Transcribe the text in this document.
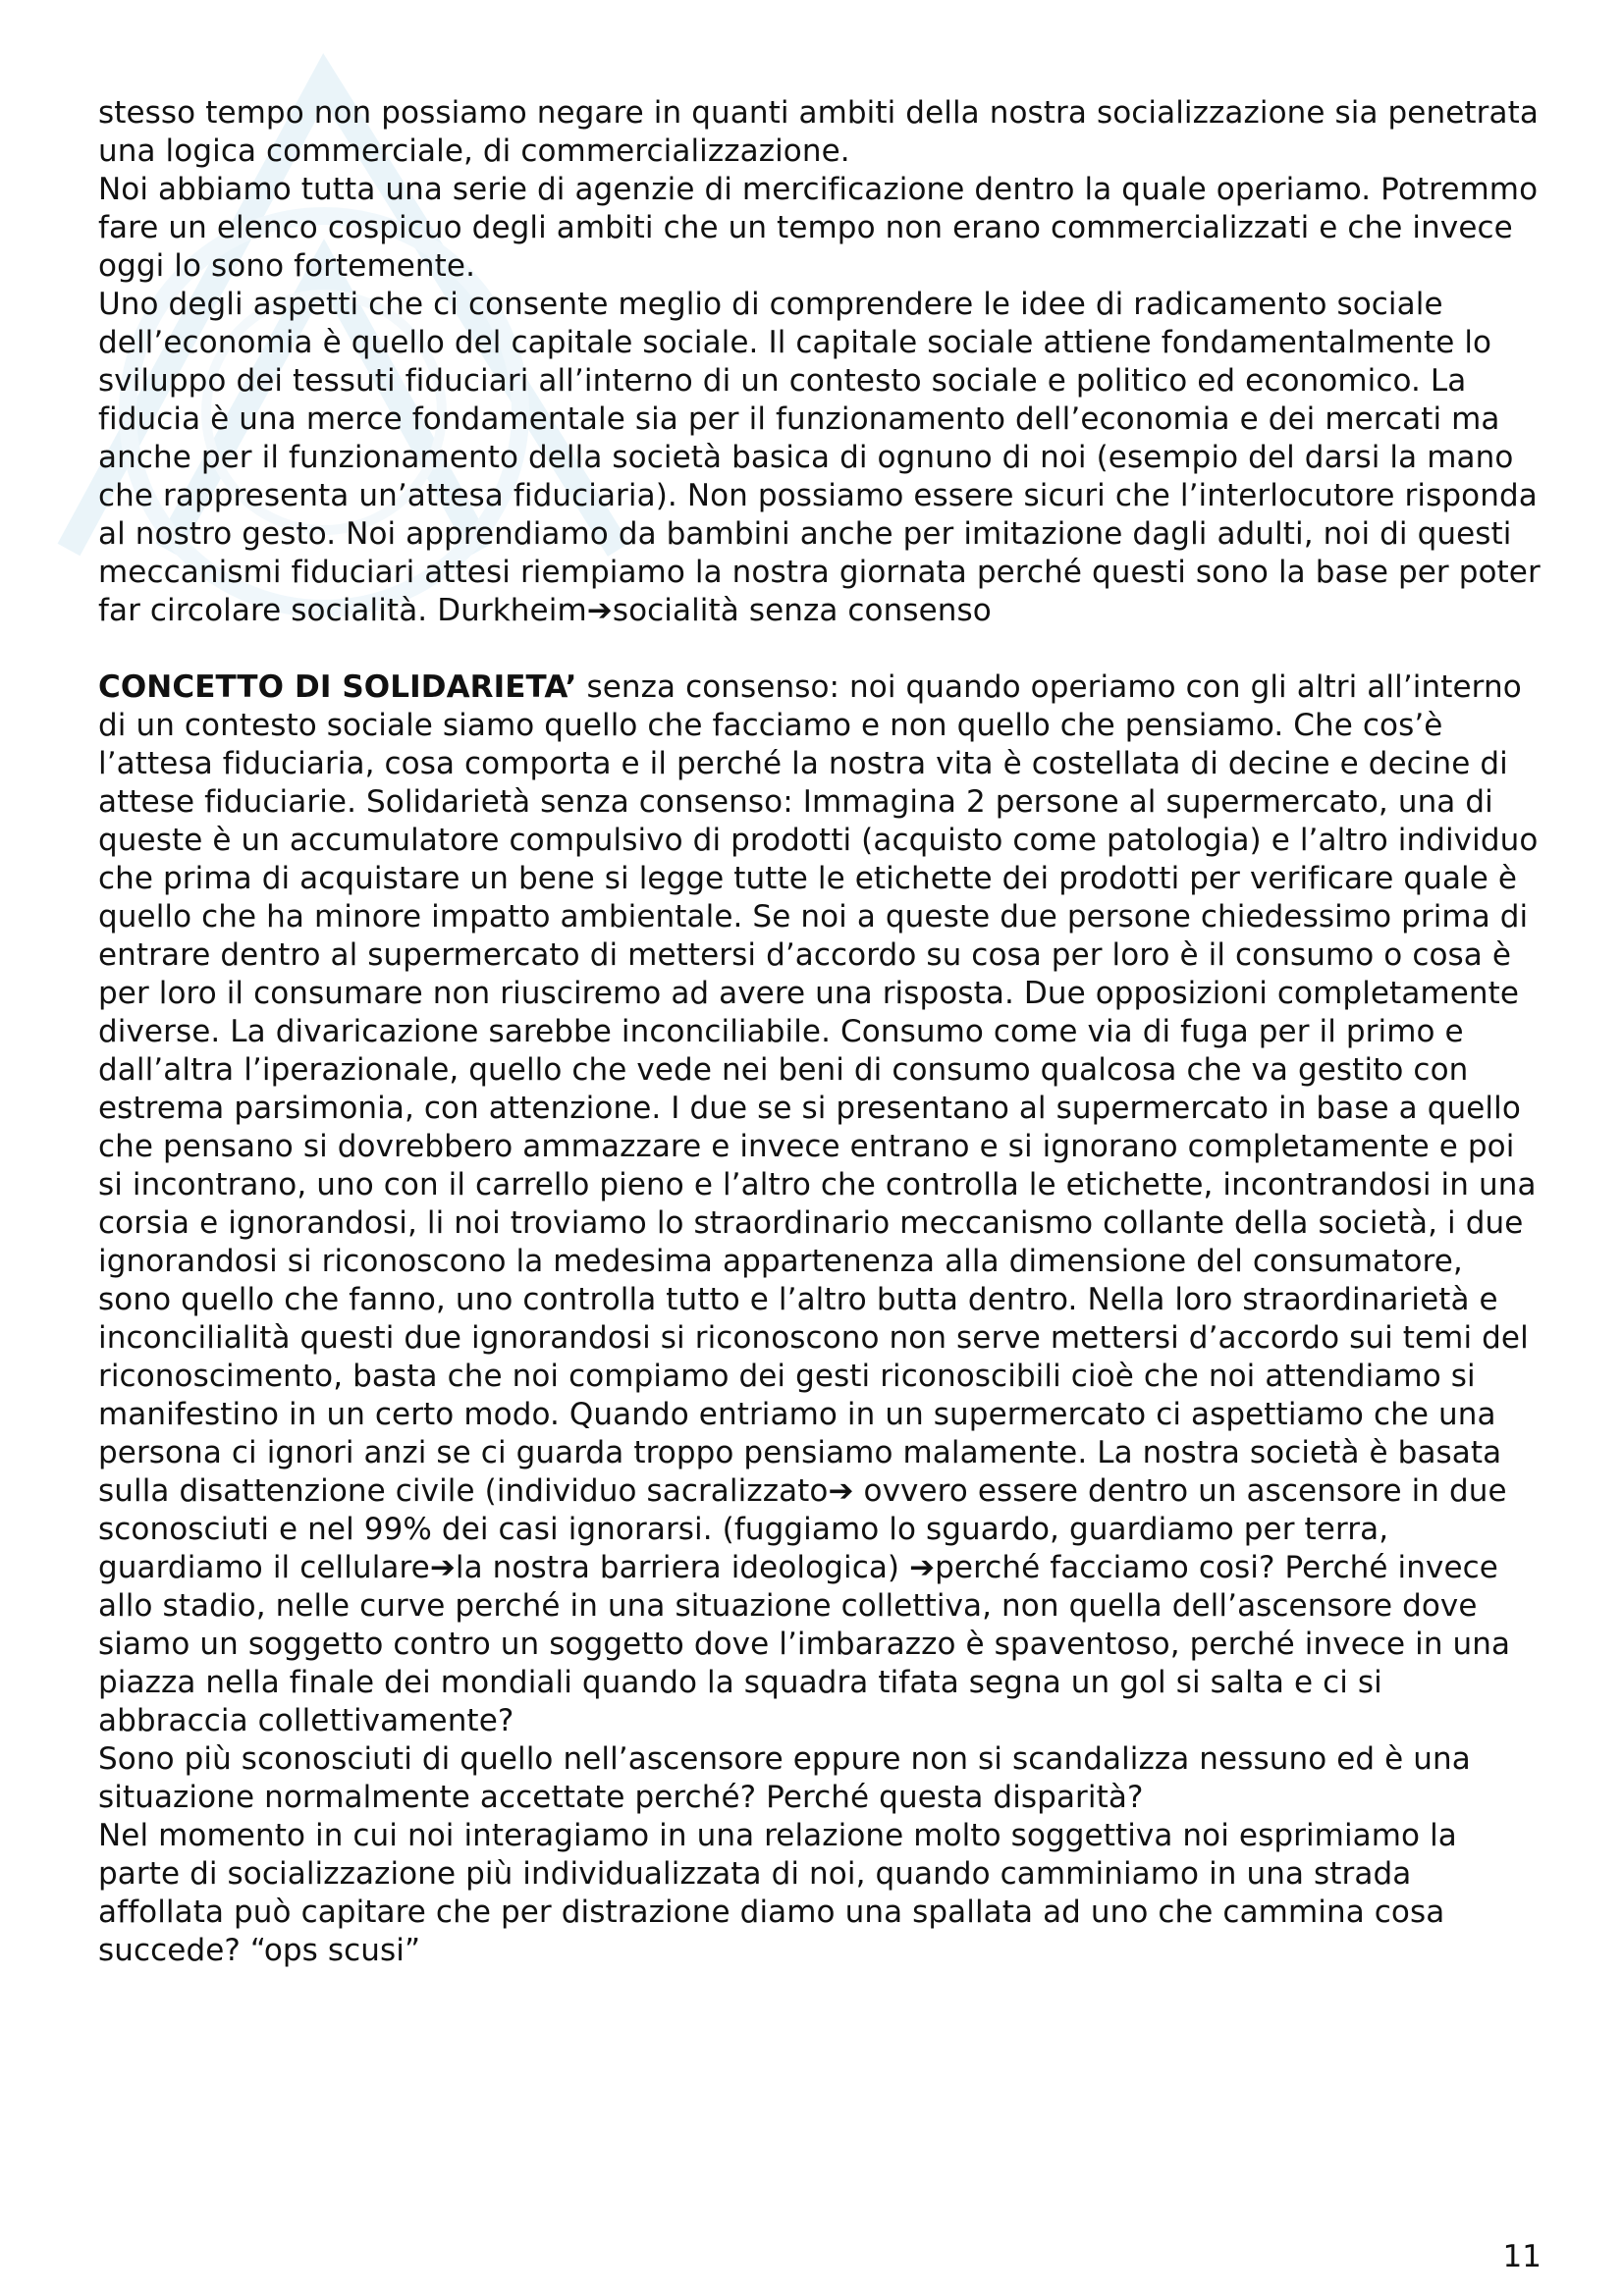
stesso tempo non possiamo negare in quanti ambiti della nostra socializzazione sia penetrata una logica commerciale, di commercializzazione.

Noi abbiamo tutta una serie di agenzie di mercificazione dentro la quale operiamo. Potremmo fare un elenco cospicuo degli ambiti che un tempo non erano commercializzati e che invece oggi lo sono fortemente.

Uno degli aspetti che ci consente meglio di comprendere le idee di radicamento sociale dell’economia è quello del capitale sociale. Il capitale sociale attiene fondamentalmente lo sviluppo dei tessuti fiduciari all’interno di un contesto sociale e politico ed economico. La fiducia è una merce fondamentale sia per il funzionamento dell’economia e dei mercati ma anche per il funzionamento della società basica di ognuno di noi (esempio del darsi la mano che rappresenta un’attesa fiduciaria). Non possiamo essere sicuri che l’interlocutore risponda al nostro gesto. Noi apprendiamo da bambini anche per imitazione dagli adulti, noi di questi meccanismi fiduciari attesi riempiamo la nostra giornata perché questi sono la base per poter far circolare socialità. Durkheim➔socialità senza consenso

CONCETTO DI SOLIDARIETA’ senza consenso: noi quando operiamo con gli altri all’interno di un contesto sociale siamo quello che facciamo e non quello che pensiamo. Che cos’è l’attesa fiduciaria, cosa comporta e il perché la nostra vita è costellata di decine e decine di attese fiduciarie. Solidarietà senza consenso: Immagina 2 persone al supermercato, una di queste è un accumulatore compulsivo di prodotti (acquisto come patologia) e l’altro individuo che prima di acquistare un bene si legge tutte le etichette dei prodotti per verificare quale è quello che ha minore impatto ambientale. Se noi a queste due persone chiedessimo prima di entrare dentro al supermercato di mettersi d’accordo su cosa per loro è il consumo o cosa è per loro il consumare non riusciremo ad avere una risposta. Due opposizioni completamente diverse. La divaricazione sarebbe inconciliabile. Consumo come via di fuga per il primo e dall’altra l’iperazionale, quello che vede nei beni di consumo qualcosa che va gestito con estrema parsimonia, con attenzione. I due se si presentano al supermercato in base a quello che pensano si dovrebbero ammazzare e invece entrano e si ignorano completamente e poi si incontrano, uno con il carrello pieno e l’altro che controlla le etichette, incontrandosi in una corsia e ignorandosi, li noi troviamo lo straordinario meccanismo collante della società, i due ignorandosi si riconoscono la medesima appartenenza alla dimensione del consumatore, sono quello che fanno, uno controlla tutto e l’altro butta dentro. Nella loro straordinarietà e inconcilialità questi due ignorandosi si riconoscono non serve mettersi d’accordo sui temi del riconoscimento, basta che noi compiamo dei gesti riconoscibili cioè che noi attendiamo si manifestino in un certo modo. Quando entriamo in un supermercato ci aspettiamo che una persona ci ignori anzi se ci guarda troppo pensiamo malamente. La nostra società è basata sulla disattenzione civile (individuo sacralizzato➔ ovvero essere dentro un ascensore in due sconosciuti e nel 99% dei casi ignorarsi. (fuggiamo lo sguardo, guardiamo per terra, guardiamo il cellulare➔la nostra barriera ideologica) ➔perché facciamo cosi? Perché invece allo stadio, nelle curve perché in una situazione collettiva, non quella dell’ascensore dove siamo un soggetto contro un soggetto dove l’imbarazzo è spaventoso, perché invece in una piazza nella finale dei mondiali quando la squadra tifata segna un gol si salta e ci si abbraccia collettivamente?

Sono più sconosciuti di quello nell’ascensore eppure non si scandalizza nessuno ed è una situazione normalmente accettate perché? Perché questa disparità?

Nel momento in cui noi interagiamo in una relazione molto soggettiva noi esprimiamo la parte di socializzazione più individualizzata di noi, quando camminiamo in una strada affollata può capitare che per distrazione diamo una spallata ad uno che cammina cosa succede? “ops scusi”

11
